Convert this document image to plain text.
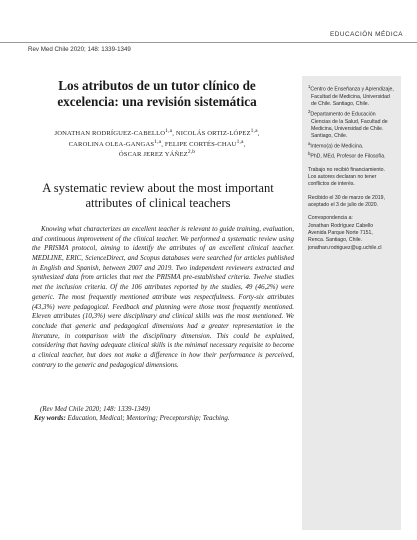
EDUCACIÓN MÉDICA
Rev Med Chile 2020; 148: 1339-1349
Los atributos de un tutor clínico de
excelencia: una revisión sistemática
JONATHAN RODRÍGUEZ-CABELLO$^{1,a}$, NICOLÁS ORTIZ-LÓPEZ$^{1,a}$,
CAROLINA OLEA-GANGAS$^{1,a}$, FELIPE CORTÉS-CHAU$^{1,a}$,
ÓSCAR JEREZ YÁÑEZ$^{2,b}$
A systematic review about the most important
attributes of clinical teachers

Knowing what characterizes an excellent teacher is relevant to guide training, evaluation, and continuous improvement of the clinical teacher. We performed a systematic review using the PRISMA protocol, aiming to identify the attributes of an excellent clinical teacher. MEDLINE, ERIC, ScienceDirect, and Scopus databases were searched for articles published in English and Spanish, between 2007 and 2019. Two independent reviewers extracted and synthesized data from articles that met the PRISMA pre-established criteria. Twelve studies met the inclusion criteria. Of the 106 attributes reported by the studies, 49 (46,2%) were generic. The most frequently mentioned attribute was respectfulness. Forty-six attributes (43,3%) were pedagogical. Feedback and planning were those most frequently mentioned. Eleven attributes (10,3%) were disciplinary and clinical skills was the most mentioned. We conclude that generic and pedagogical dimensions had a greater representation in the literature, in comparison with the disciplinary dimension. This could be explained, considering that having adequate clinical skills is the minimal necessary requisite to become a clinical teacher, but does not make a difference in how their performance is perceived, contrary to the generic and pedagogical dimensions.

(Rev Med Chile 2020; 148: 1339-1349)
Key words: Education, Medical; Mentoring; Preceptorship; Teaching.

$^1$Centro de Enseñanza y Aprendizaje, Facultad de Medicina, Universidad de Chile. Santiago, Chile.

$^2$Departamento de Educación Ciencias de la Salud, Facultad de Medicina, Universidad de Chile. Santiago, Chile.

$^a$Interno(a) de Medicina.

$^b$PhD, MEd, Profesor de Filosofía.

Trabajo no recibió financiamiento.

Los autores declaran no tener conflictos de interés.

Recibido el 30 de marzo de 2019, aceptado el 3 de julio de 2020.

Correspondencia a:

Jonathan Rodríguez Cabello

Avenida Parque Norte 7151,

Renca. Santiago, Chile.

jonathan.rodriguez@ug.uchile.cl
